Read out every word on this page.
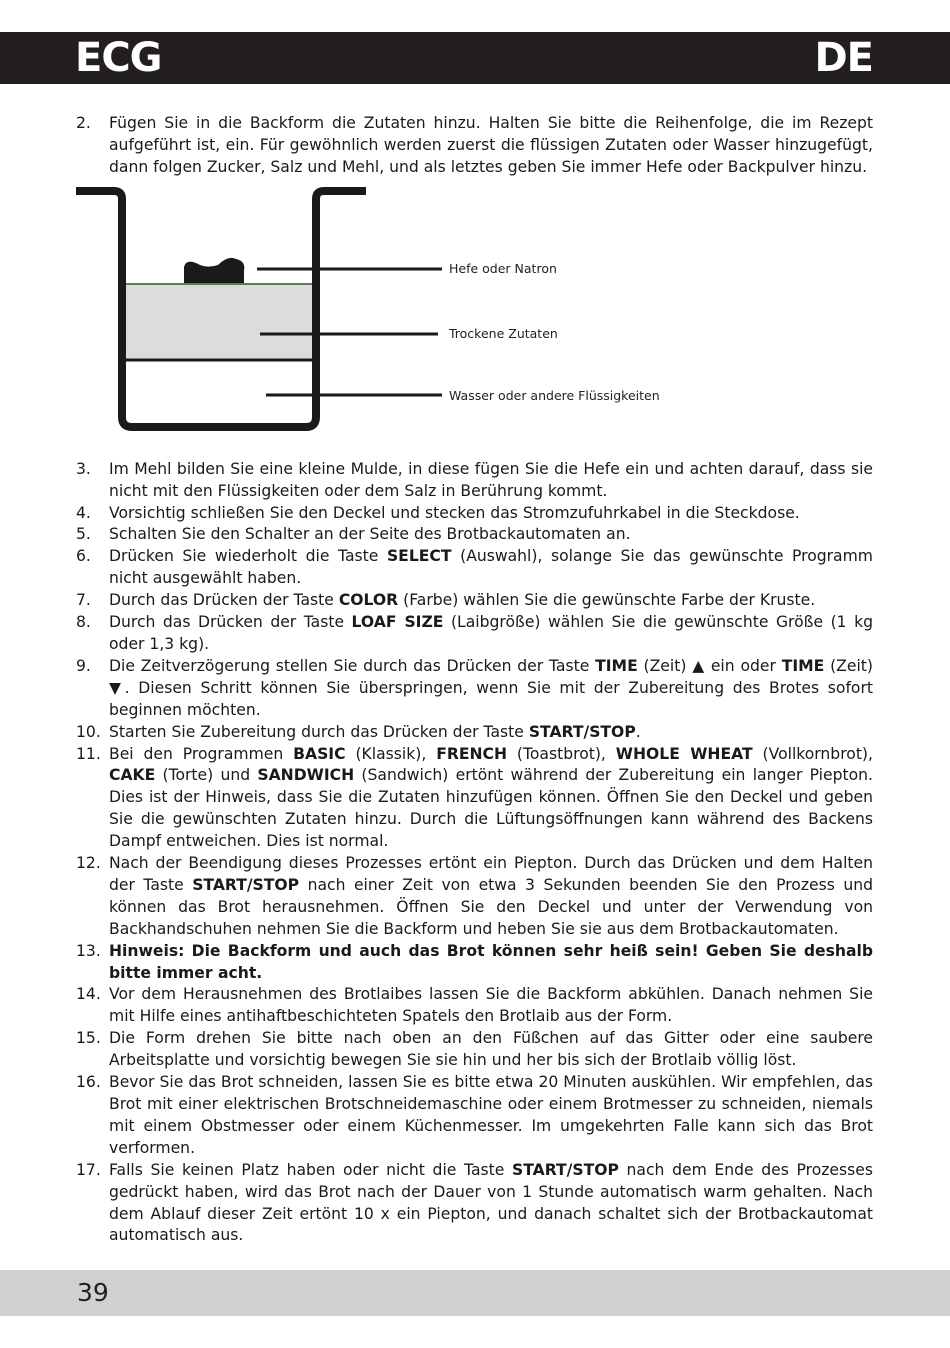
ECG	DE
2.	Fügen Sie in die Backform die Zutaten hinzu. Halten Sie bitte die Reihenfolge, die im Rezept aufgeführt ist, ein. Für gewöhnlich werden zuerst die flüssigen Zutaten oder Wasser hinzugefügt, dann folgen Zucker, Salz und Mehl, und als letztes geben Sie immer Hefe oder Backpulver hinzu.
Hefe oder Natron
Trockene Zutaten
Wasser oder andere Flüssigkeiten
3.	Im Mehl bilden Sie eine kleine Mulde, in diese fügen Sie die Hefe ein und achten darauf, dass sie nicht mit den Flüssigkeiten oder dem Salz in Berührung kommt.
4.	Vorsichtig schließen Sie den Deckel und stecken das Stromzufuhrkabel in die Steckdose.
5.	Schalten Sie den Schalter an der Seite des Brotbackautomaten an.
6.	Drücken Sie wiederholt die Taste SELECT (Auswahl), solange Sie das gewünschte Programm nicht ausgewählt haben.
7.	Durch das Drücken der Taste COLOR (Farbe) wählen Sie die gewünschte Farbe der Kruste.
8.	Durch das Drücken der Taste LOAF SIZE (Laibgröße) wählen Sie die gewünschte Größe (1 kg oder 1,3 kg).
9.	Die Zeitverzögerung stellen Sie durch das Drücken der Taste TIME (Zeit) ▲ ein oder TIME (Zeit) ▼. Diesen Schritt können Sie überspringen, wenn Sie mit der Zubereitung des Brotes sofort beginnen möchten.
10. Starten Sie Zubereitung durch das Drücken der Taste START/STOP.
11. Bei den Programmen BASIC (Klassik), FRENCH (Toastbrot), WHOLE WHEAT (Vollkornbrot), CAKE (Torte) und SANDWICH (Sandwich) ertönt während der Zubereitung ein langer Piepton. Dies ist der Hinweis, dass Sie die Zutaten hinzufügen können. Öffnen Sie den Deckel und geben Sie die gewünschten Zutaten hinzu. Durch die Lüftungsöffnungen kann während des Backens Dampf entweichen. Dies ist normal.
12. Nach der Beendigung dieses Prozesses ertönt ein Piepton. Durch das Drücken und dem Halten der Taste START/STOP nach einer Zeit von etwa 3 Sekunden beenden Sie den Prozess und können das Brot herausnehmen. Öffnen Sie den Deckel und unter der Verwendung von Backhandschuhen nehmen Sie die Backform und heben Sie sie aus dem Brotbackautomaten.
13. Hinweis: Die Backform und auch das Brot können sehr heiß sein! Geben Sie deshalb bitte immer acht.
14. Vor dem Herausnehmen des Brotlaibes lassen Sie die Backform abkühlen. Danach nehmen Sie mit Hilfe eines antihaftbeschichteten Spatels den Brotlaib aus der Form.
15. Die Form drehen Sie bitte nach oben an den Füßchen auf das Gitter oder eine saubere Arbeitsplatte und vorsichtig bewegen Sie sie hin und her bis sich der Brotlaib völlig löst.
16. Bevor Sie das Brot schneiden, lassen Sie es bitte etwa 20 Minuten auskühlen. Wir empfehlen, das Brot mit einer elektrischen Brotschneidemaschine oder einem Brotmesser zu schneiden, niemals mit einem Obstmesser oder einem Küchenmesser. Im umgekehrten Falle kann sich das Brot verformen.
17. Falls Sie keinen Platz haben oder nicht die Taste START/STOP nach dem Ende des Prozesses gedrückt haben, wird das Brot nach der Dauer von 1 Stunde automatisch warm gehalten. Nach dem Ablauf dieser Zeit ertönt 10 x ein Piepton, und danach schaltet sich der Brotbackautomat automatisch aus.
39
